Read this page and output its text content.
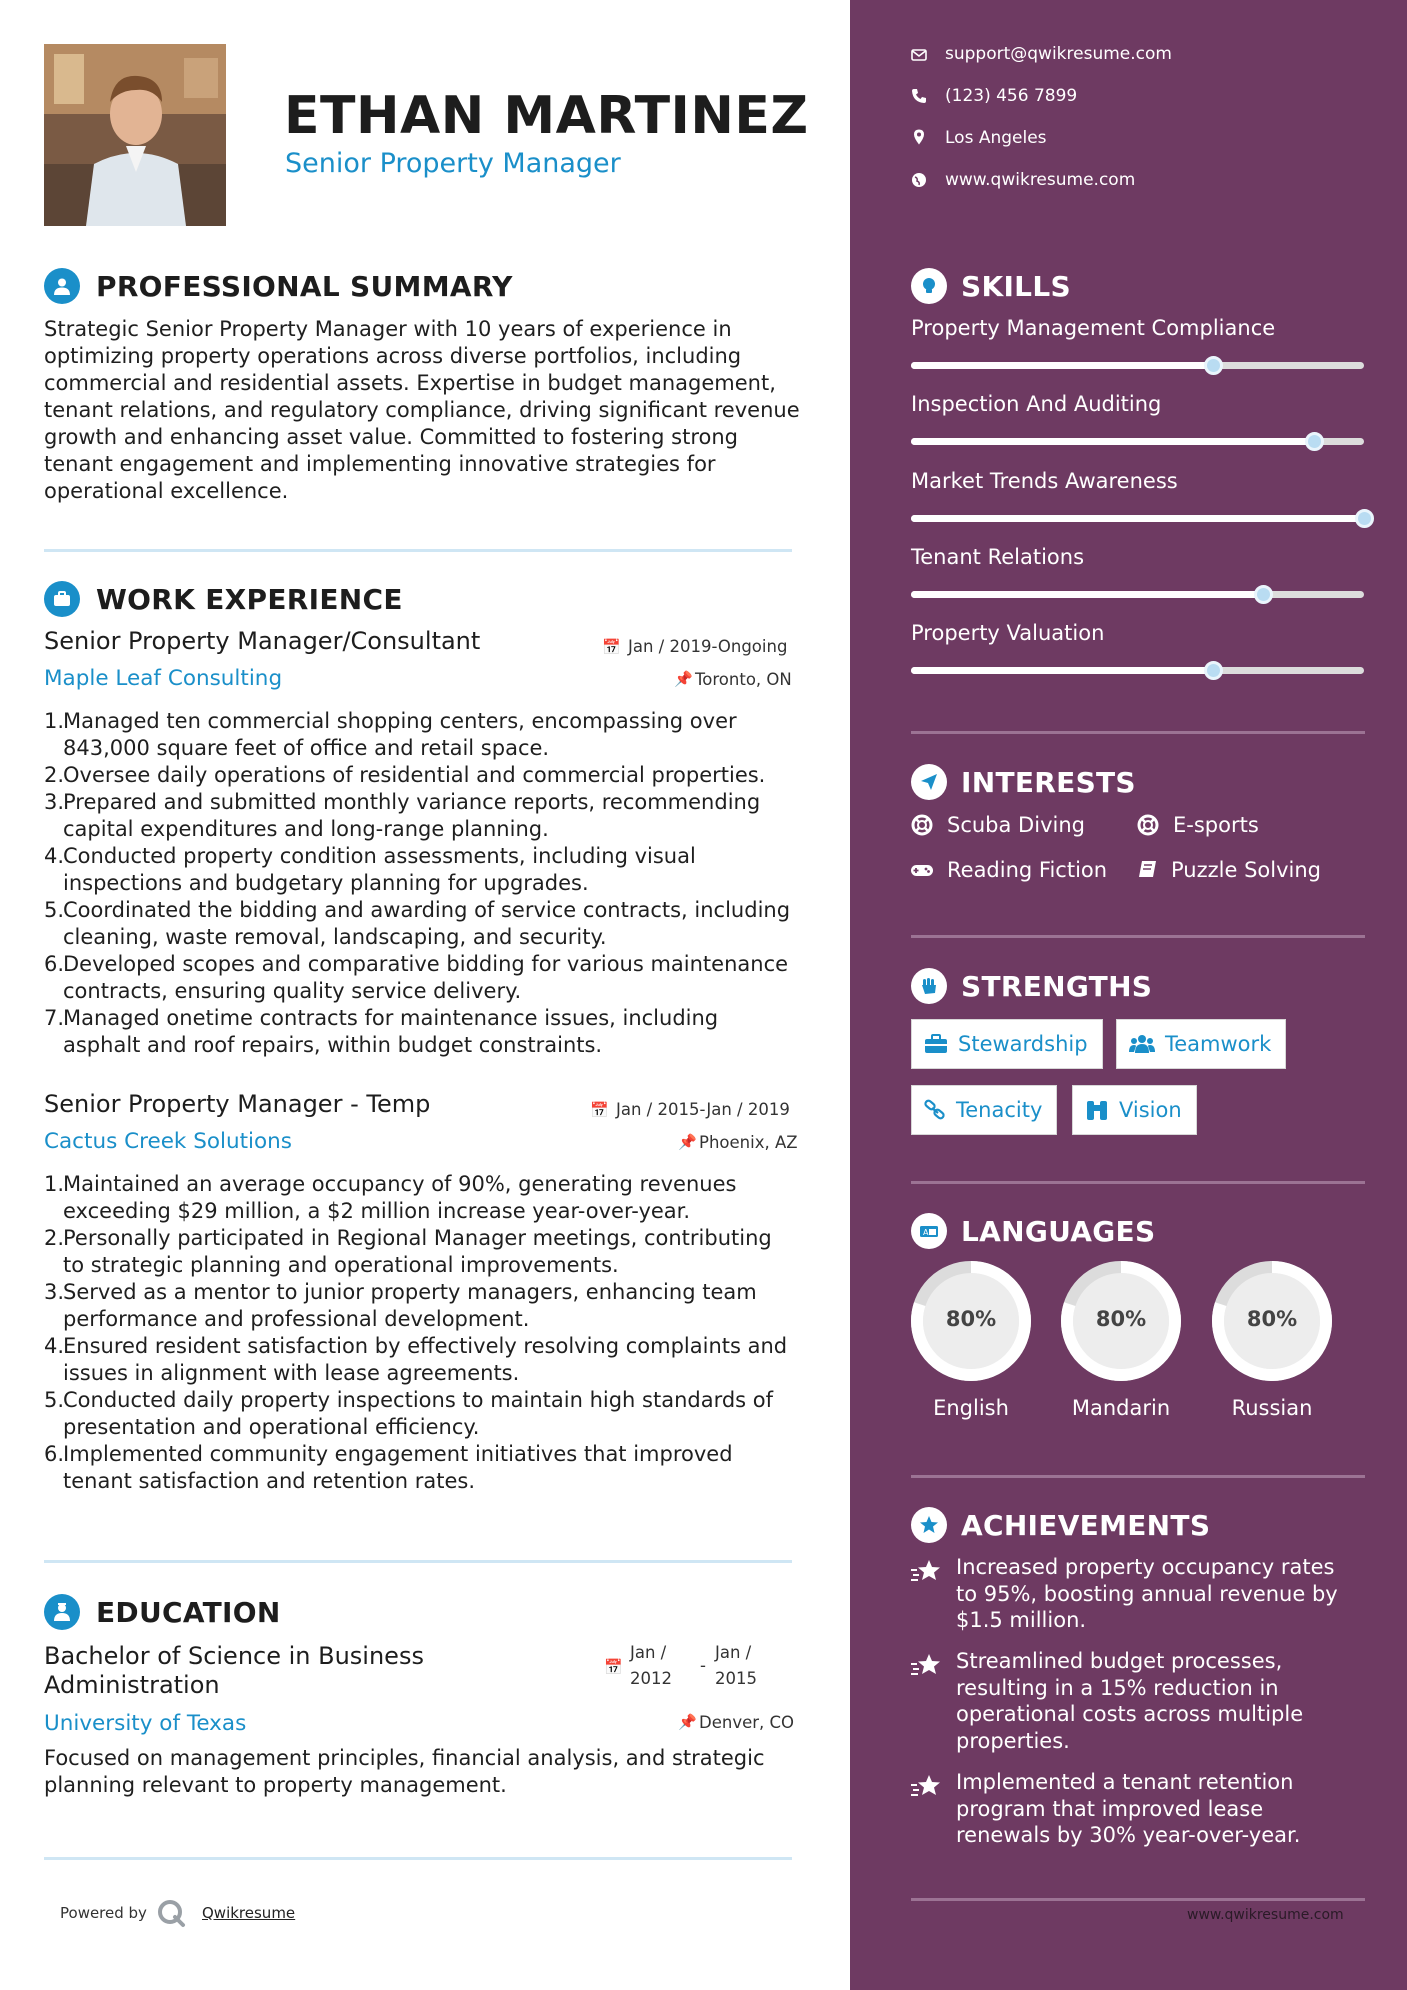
ETHAN MARTINEZ
Senior Property Manager
PROFESSIONAL SUMMARY
Strategic Senior Property Manager with 10 years of experience in optimizing property operations across diverse portfolios, including commercial and residential assets. Expertise in budget management, tenant relations, and regulatory compliance, driving significant revenue growth and enhancing asset value. Committed to fostering strong tenant engagement and implementing innovative strategies for operational excellence.
WORK EXPERIENCE
Senior Property Manager/Consultant
Maple Leaf Consulting
📅 Jan / 2019-Ongoing
📌 Toronto, ON
1.
Managed ten commercial shopping centers, encompassing over 843,000 square feet of office and retail space.
2.
Oversee daily operations of residential and commercial properties.
3.
Prepared and submitted monthly variance reports, recommending capital expenditures and long-range planning.
4.
Conducted property condition assessments, including visual inspections and budgetary planning for upgrades.
5.
Coordinated the bidding and awarding of service contracts, including cleaning, waste removal, landscaping, and security.
6.
Developed scopes and comparative bidding for various maintenance contracts, ensuring quality service delivery.
7.
Managed onetime contracts for maintenance issues, including asphalt and roof repairs, within budget constraints.
Senior Property Manager - Temp
Cactus Creek Solutions
📅 Jan / 2015-Jan / 2019
📌 Phoenix, AZ
1.
Maintained an average occupancy of 90%, generating revenues exceeding $29 million, a $2 million increase year-over-year.
2.
Personally participated in Regional Manager meetings, contributing to strategic planning and operational improvements.
3.
Served as a mentor to junior property managers, enhancing team performance and professional development.
4.
Ensured resident satisfaction by effectively resolving complaints and issues in alignment with lease agreements.
5.
Conducted daily property inspections to maintain high standards of presentation and operational efficiency.
6.
Implemented community engagement initiatives that improved tenant satisfaction and retention rates.
EDUCATION
Bachelor of Science in Business
Administration
University of Texas
📅
Jan /
2012
-
Jan /
2015
📌 Denver, CO
Focused on management principles, financial analysis, and strategic planning relevant to property management.
Powered by	Qwikresume
support@qwikresume.com
(123) 456 7899
Los Angeles
www.qwikresume.com
SKILLS
Property Management Compliance
Inspection And Auditing
Market Trends Awareness
Tenant Relations
Property Valuation
INTERESTS
Scuba Diving	E-sports
Reading Fiction	Puzzle Solving
STRENGTHS
Stewardship	Teamwork
Tenacity	Vision
A LANGUAGES
80%
English
80%
Mandarin
80%
Russian
ACHIEVEMENTS
Increased property occupancy rates to 95%, boosting annual revenue by $1.5 million.
Streamlined budget processes, resulting in a 15% reduction in operational costs across multiple properties.
Implemented a tenant retention program that improved lease renewals by 30% year-over-year.
www.qwikresume.com
